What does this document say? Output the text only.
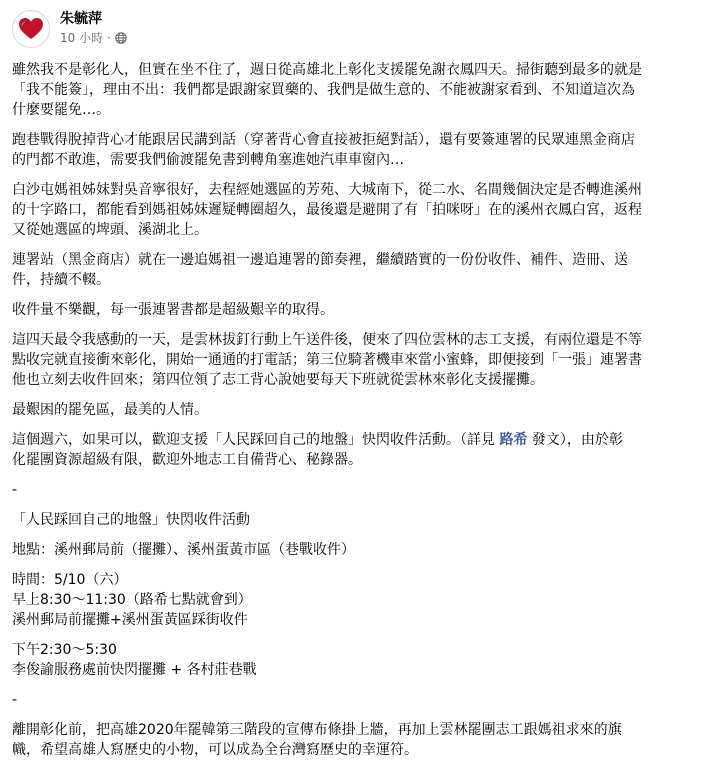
朱毓萍
10 小時 ·
雖然我不是彰化人，但實在坐不住了，週日從高雄北上彰化支援罷免謝衣鳳四天。掃街聽到最多的就是
「我不能簽」，理由不出：我們都是跟謝家買藥的、我們是做生意的、不能被謝家看到、不知道這次為
什麼要罷免…。
跑巷戰得脫掉背心才能跟居民講到話（穿著背心會直接被拒絕對話），還有要簽連署的民眾連黑金商店
的門都不敢進，需要我們偷渡罷免書到轉角塞進她汽車車窗內…
白沙屯媽祖姊妹對吳音寧很好，去程經她選區的芳苑、大城南下，從二水、名間幾個決定是否轉進溪州
的十字路口，都能看到媽祖姊妹遲疑轉圈超久，最後還是避開了有「拍咪呀」在的溪州衣鳳白宮，返程
又從她選區的埤頭、溪湖北上。
連署站（黑金商店）就在一邊追媽祖一邊追連署的節奏裡，繼續踏實的一份份收件、補件、造冊、送
件，持續不輟。
收件量不樂觀，每一張連署書都是超級艱辛的取得。
這四天最令我感動的一天，是雲林拔釘行動上午送件後，便來了四位雲林的志工支援，有兩位還是不等
點收完就直接衝來彰化，開始一通通的打電話；第三位騎著機車來當小蜜蜂，即便接到「一張」連署書
他也立刻去收件回來；第四位領了志工背心說她要每天下班就從雲林來彰化支援擺攤。
最艱困的罷免區，最美的人情。
這個週六，如果可以，歡迎支援「人民踩回自己的地盤」快閃收件活動。（詳見 路希 發文），由於彰
化罷團資源超級有限，歡迎外地志工自備背心、秘錄器。
-
「人民踩回自己的地盤」快閃收件活動
地點：溪州郵局前（擺攤）、溪州蛋黃市區（巷戰收件）
時間：5/10（六）
早上8:30～11:30（路希七點就會到）
溪州郵局前擺攤+溪州蛋黃區踩街收件
下午2:30～5:30
李俊諭服務處前快閃擺攤 + 各村莊巷戰
-
離開彰化前，把高雄2020年罷韓第三階段的宣傳布條掛上牆，再加上雲林罷團志工跟媽祖求來的旗
幟，希望高雄人寫歷史的小物，可以成為全台灣寫歷史的幸運符。
